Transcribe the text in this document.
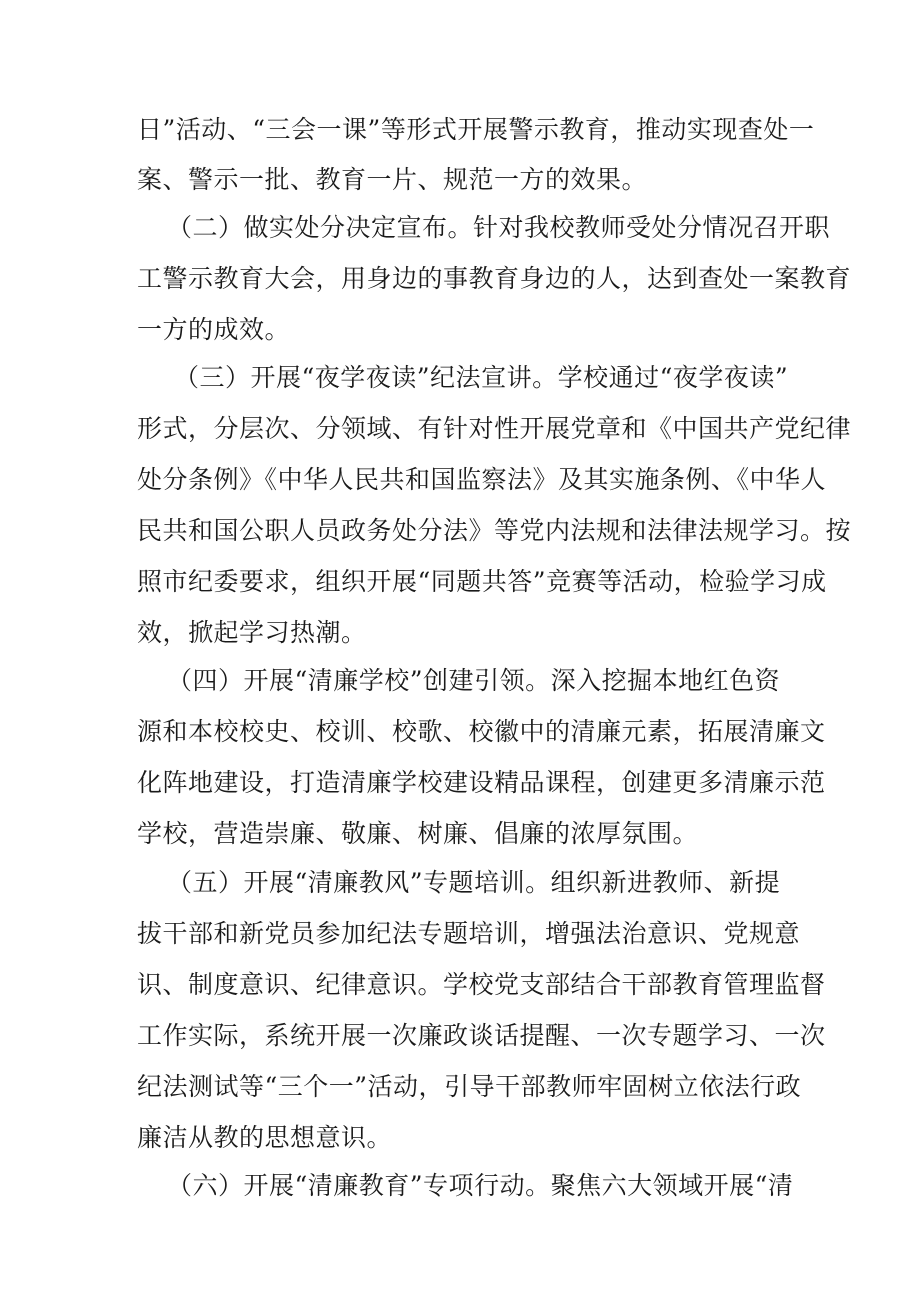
日”活动、“三会一课”等形式开展警示教育，推动实现查处一
案、警示一批、教育一片、规范一方的效果。
（二）做实处分决定宣布。针对我校教师受处分情况召开职
工警示教育大会，用身边的事教育身边的人，达到查处一案教育
一方的成效。
（三）开展“夜学夜读”纪法宣讲。学校通过“夜学夜读”
形式，分层次、分领域、有针对性开展党章和《中国共产党纪律
处分条例》《中华人民共和国监察法》及其实施条例、《中华人
民共和国公职人员政务处分法》等党内法规和法律法规学习。按
照市纪委要求，组织开展“同题共答”竞赛等活动，检验学习成
效，掀起学习热潮。
（四）开展“清廉学校”创建引领。深入挖掘本地红色资
源和本校校史、校训、校歌、校徽中的清廉元素，拓展清廉文
化阵地建设，打造清廉学校建设精品课程，创建更多清廉示范
学校，营造崇廉、敬廉、树廉、倡廉的浓厚氛围。
（五）开展“清廉教风”专题培训。组织新进教师、新提
拔干部和新党员参加纪法专题培训，增强法治意识、党规意
识、制度意识、纪律意识。学校党支部结合干部教育管理监督
工作实际，系统开展一次廉政谈话提醒、一次专题学习、一次
纪法测试等“三个一”活动，引导干部教师牢固树立依法行政
廉洁从教的思想意识。
（六）开展“清廉教育”专项行动。聚焦六大领域开展“清
